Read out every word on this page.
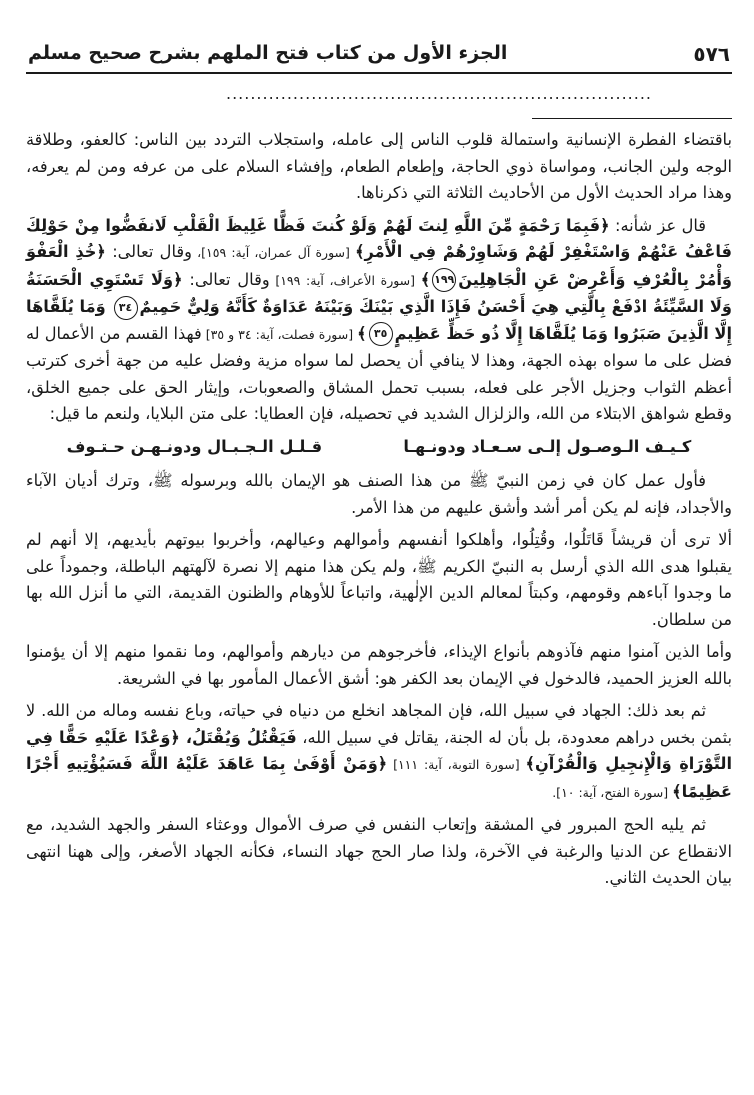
٥٧٦
الجزء الأول من كتاب فتح الملهم بشرح صحيح مسلم
......................................................................

باقتضاء الفطرة الإنسانية واستمالة قلوب الناس إلى عامله، واستجلاب التردد بين الناس: كالعفو، وطلاقة الوجه ولين الجانب، ومواساة ذوي الحاجة، وإطعام الطعام، وإفشاء السلام على من عرفه ومن لم يعرفه، وهذا مراد الحديث الأول من الأحاديث الثلاثة التي ذكرناها.

قال عز شأنه: ﴿فَبِمَا رَحْمَةٍ مِّنَ اللَّهِ لِنتَ لَهُمْ وَلَوْ كُنتَ فَظًّا غَلِيظَ الْقَلْبِ لَانفَضُّوا مِنْ حَوْلِكَ فَاعْفُ عَنْهُمْ وَاسْتَغْفِرْ لَهُمْ وَشَاوِرْهُمْ فِي الْأَمْرِ﴾ [سورة آل عمران، آية: ١٥٩]، وقال تعالى: ﴿خُذِ الْعَفْوَ وَأْمُرْ بِالْعُرْفِ وَأَعْرِضْ عَنِ الْجَاهِلِينَ١٩٩﴾ [سورة الأعراف، آية: ١٩٩] وقال تعالى: ﴿وَلَا تَسْتَوِي الْحَسَنَةُ وَلَا السَّيِّئَةُ ادْفَعْ بِالَّتِي هِيَ أَحْسَنُ فَإِذَا الَّذِي بَيْنَكَ وَبَيْنَهُ عَدَاوَةٌ كَأَنَّهُ وَلِيٌّ حَمِيمٌ٣٤ وَمَا يُلَقَّاهَا إِلَّا الَّذِينَ صَبَرُوا وَمَا يُلَقَّاهَا إِلَّا ذُو حَظٍّ عَظِيمٍ٣٥﴾ [سورة فصلت، آية: ٣٤ و ٣٥] فهذا القسم من الأعمال له فضل على ما سواه بهذه الجهة، وهذا لا ينافي أن يحصل لما سواه مزية وفضل عليه من جهة أخرى كترتب أعظم الثواب وجزيل الأجر على فعله، بسبب تحمل المشاق والصعوبات، وإيثار الحق على جميع الخلق، وقطع شواهق الابتلاء من الله، والزلزال الشديد في تحصيله، فإن العطايا: على متن البلايا، ولنعم ما قيل:

كـيـف الـوصـول إلـى سـعـاد ودونـهـا
قـلـل الـجـبـال ودونـهـن حـتـوف

فأول عمل كان في زمن النبيّ ﷺ من هذا الصنف هو الإيمان بالله وبرسوله ﷺ، وترك أديان الآباء والأجداد، فإنه لم يكن أمر أشد وأشق عليهم من هذا الأمر.

ألا ترى أن قريشاً قَاتَلُوا، وقُتِلُوا، وأهلكوا أنفسهم وأموالهم وعيالهم، وأخربوا بيوتهم بأيديهم، إلا أنهم لم يقبلوا هدى الله الذي أرسل به النبيّ الكريم ﷺ، ولم يكن هذا منهم إلا نصرة لآلهتهم الباطلة، وجموداً على ما وجدوا آباءهم وقومهم، وكبتاً لمعالم الدين الإلٰهية، واتباعاً للأوهام والظنون القديمة، التي ما أنزل الله بها من سلطان.

وأما الذين آمنوا منهم فآذوهم بأنواع الإيذاء، فأخرجوهم من ديارهم وأموالهم، وما نقموا منهم إلا أن يؤمنوا بالله العزيز الحميد، فالدخول في الإيمان بعد الكفر هو: أشق الأعمال المأمور بها في الشريعة.

ثم بعد ذلك: الجهاد في سبيل الله، فإن المجاهد انخلع من دنياه في حياته، وباع نفسه وماله من الله. لا بثمن بخس دراهم معدودة، بل بأن له الجنة، يقاتل في سبيل الله، فَيَقْتُلُ وَيُقْتَلُ، ﴿وَعْدًا عَلَيْهِ حَقًّا فِي التَّوْرَاةِ وَالْإِنجِيلِ وَالْقُرْآنِ﴾ [سورة التوبة، آية: ١١١] ﴿وَمَنْ أَوْفَىٰ بِمَا عَاهَدَ عَلَيْهُ اللَّهَ فَسَيُؤْتِيهِ أَجْرًا عَظِيمًا﴾ [سورة الفتح، آية: ١٠].

ثم يليه الحج المبرور في المشقة وإتعاب النفس في صرف الأموال ووعثاء السفر والجهد الشديد، مع الانقطاع عن الدنيا والرغبة في الآخرة، ولذا صار الحج جهاد النساء، فكأنه الجهاد الأصغر، وإلى ههنا انتهى بيان الحديث الثاني.
